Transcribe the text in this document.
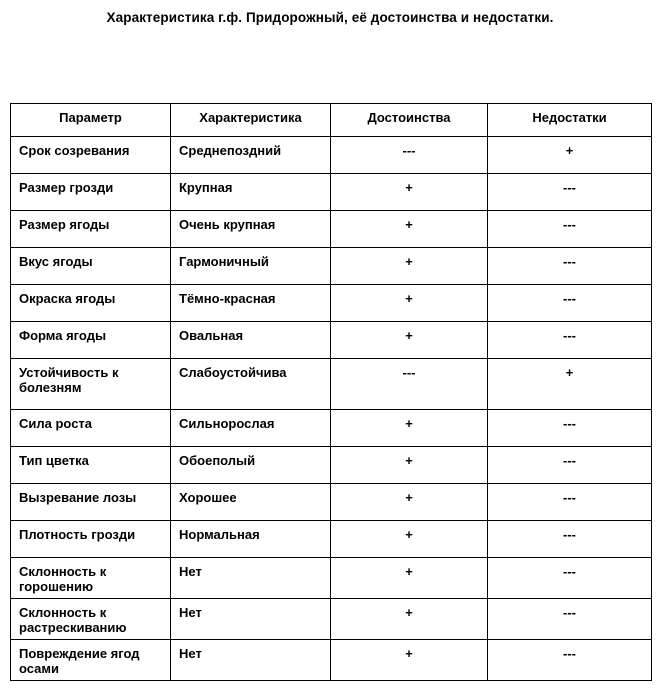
Характеристика г.ф. Придорожный, её достоинства и недостатки.
Параметр	Характеристика	Достоинства	Недостатки
Срок созревания	Среднепоздний	---	+
Размер грозди	Крупная	+	---
Размер ягоды	Очень крупная	+	---
Вкус ягоды	Гармоничный	+	---
Окраска ягоды	Тёмно-красная	+	---
Форма ягоды	Овальная	+	---
Устойчивость к болезням	Слабоустойчива	---	+
Сила роста	Сильнорослая	+	---
Тип цветка	Обоеполый	+	---
Вызревание лозы	Хорошее	+	---
Плотность грозди	Нормальная	+	---
Склонность к горошению	Нет	+	---
Склонность к растрескиванию	Нет	+	---
Повреждение ягод осами	Нет	+	---
